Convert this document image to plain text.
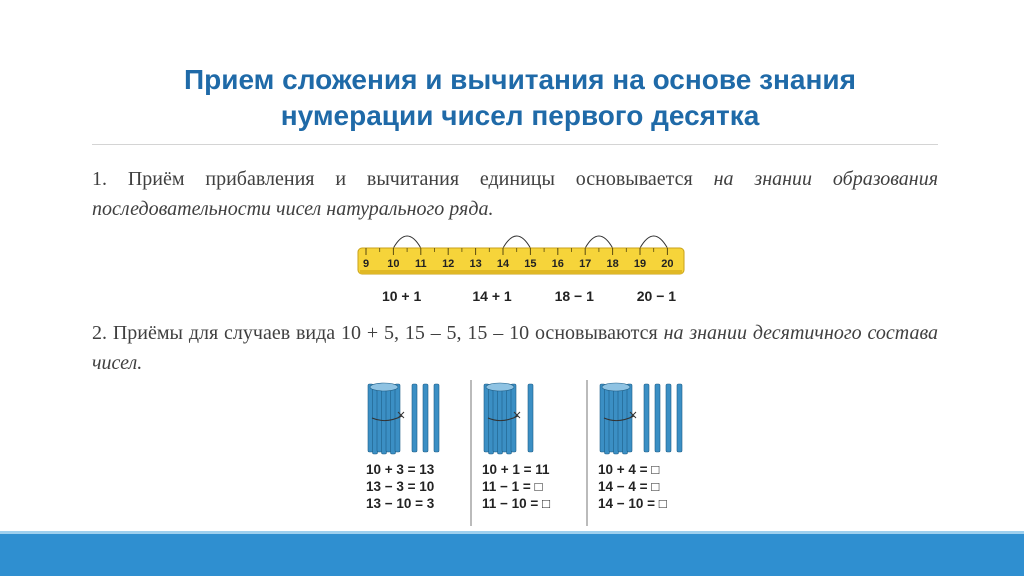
Прием сложения и вычитания на основе знания
нумерации чисел первого десятка
1. Приём прибавления и вычитания единицы основывается на знании образования последовательности чисел натурального ряда.
9 10 11 12 13 14 15 16 17 18 19 20
10 + 1	14 + 1	18 − 1	20 − 1
2. Приёмы для случаев вида 10 + 5, 15 – 5, 15 – 10 основываются на знании десятичного состава чисел.
10 + 3 = 13
13 − 3 = 10
13 − 10 = 3
10 + 1 = 11
11 − 1 = □
11 − 10 = □
10 + 4 = □
14 − 4 = □
14 − 10 = □
